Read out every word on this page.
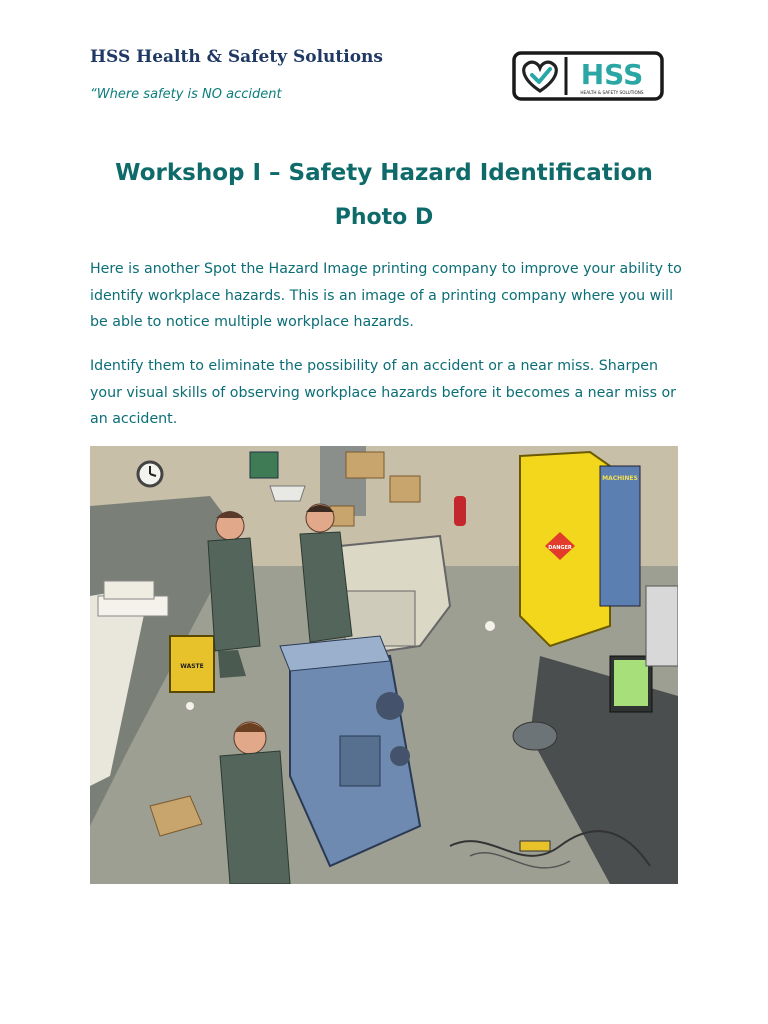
HSS Health & Safety Solutions
“Where safety is NO accident
HSS
HEALTH & SAFETY SOLUTIONS
Workshop I – Safety Hazard Identification
Photo D

Here is another Spot the Hazard Image printing company to improve your ability to identify workplace hazards. This is an image of a printing company where you will be able to notice multiple workplace hazards.

Identify them to eliminate the possibility of an accident or a near miss. Sharpen your visual skills of observing workplace hazards before it becomes a near miss or an accident.

DANGER
MACHINES
WASTE
